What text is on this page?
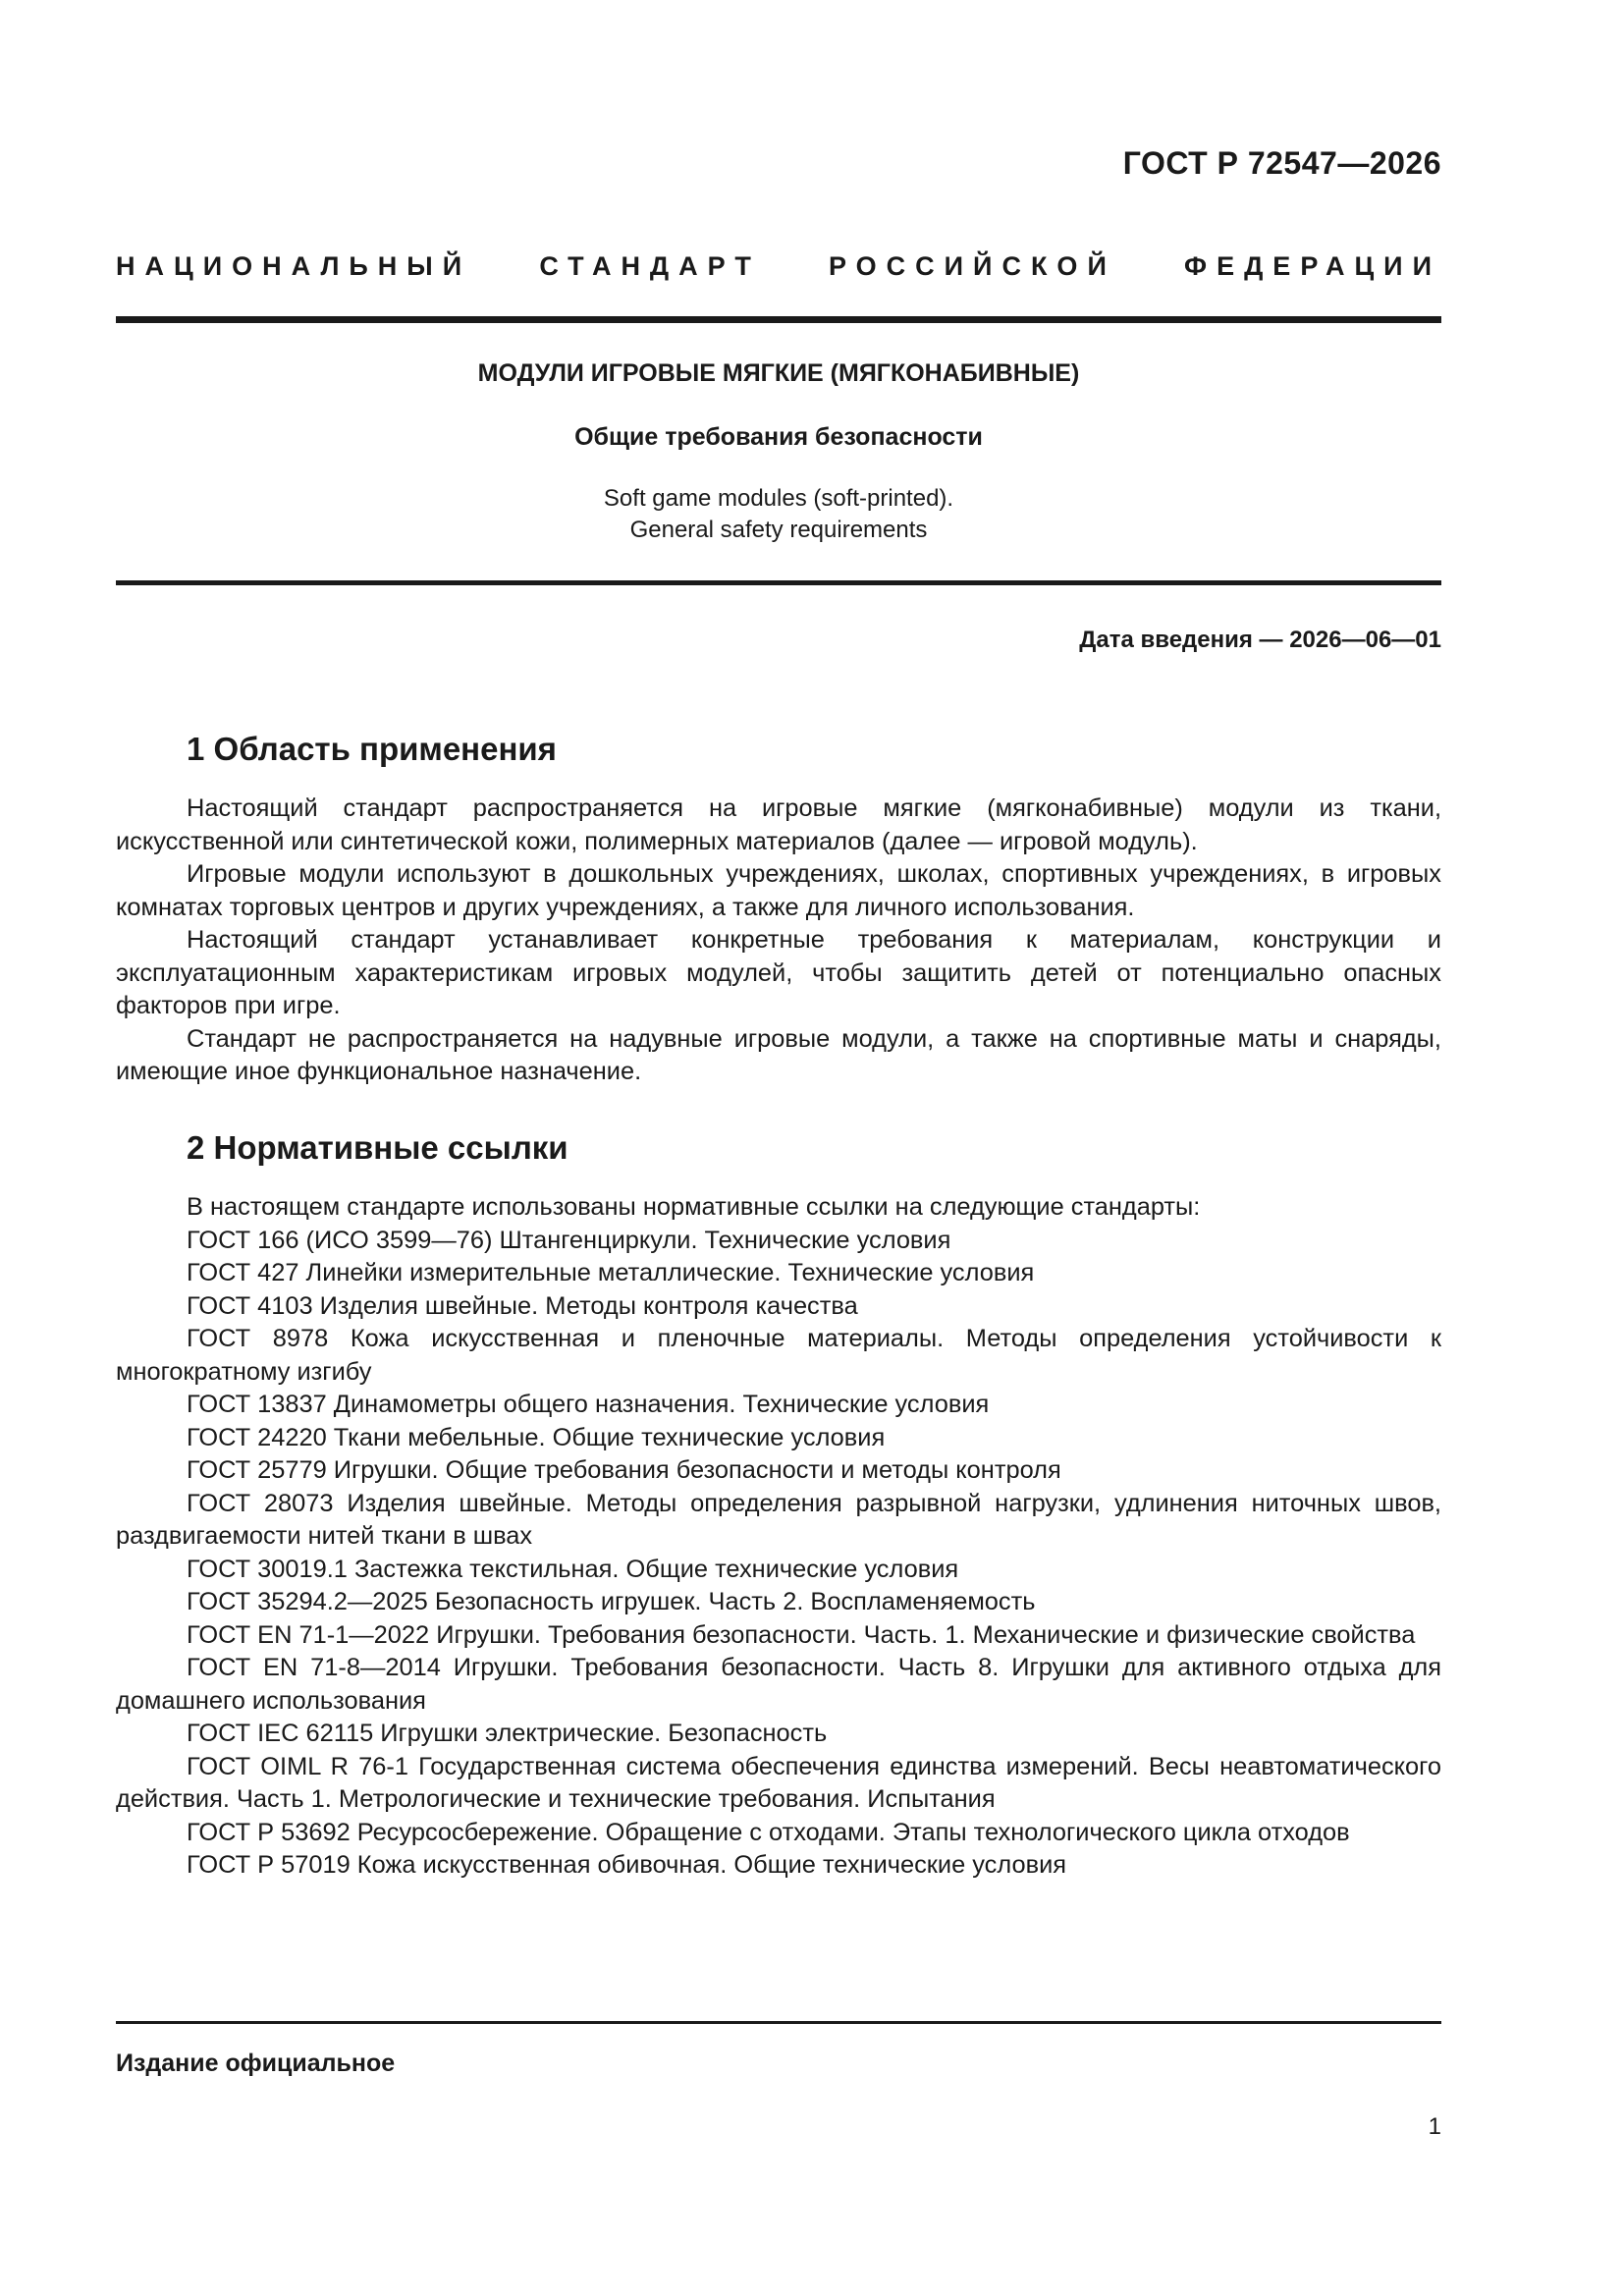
ГОСТ Р 72547—2026
НАЦИОНАЛЬНЫЙ СТАНДАРТ РОССИЙСКОЙ ФЕДЕРАЦИИ
МОДУЛИ ИГРОВЫЕ МЯГКИЕ (МЯГКОНАБИВНЫЕ)
Общие требования безопасности
Soft game modules (soft-printed).
General safety requirements
Дата введения — 2026—06—01
1 Область применения

Настоящий стандарт распространяется на игровые мягкие (мягконабивные) модули из ткани, искусственной или синтетической кожи, полимерных материалов (далее — игровой модуль).

Игровые модули используют в дошкольных учреждениях, школах, спортивных учреждениях, в игровых комнатах торговых центров и других учреждениях, а также для личного использования.

Настоящий стандарт устанавливает конкретные требования к материалам, конструкции и эксплуатационным характеристикам игровых модулей, чтобы защитить детей от потенциально опасных факторов при игре.

Стандарт не распространяется на надувные игровые модули, а также на спортивные маты и снаряды, имеющие иное функциональное назначение.

2 Нормативные ссылки

В настоящем стандарте использованы нормативные ссылки на следующие стандарты:

ГОСТ 166 (ИСО 3599—76) Штангенциркули. Технические условия

ГОСТ 427 Линейки измерительные металлические. Технические условия

ГОСТ 4103 Изделия швейные. Методы контроля качества

ГОСТ 8978 Кожа искусственная и пленочные материалы. Методы определения устойчивости к многократному изгибу

ГОСТ 13837 Динамометры общего назначения. Технические условия

ГОСТ 24220 Ткани мебельные. Общие технические условия

ГОСТ 25779 Игрушки. Общие требования безопасности и методы контроля

ГОСТ 28073 Изделия швейные. Методы определения разрывной нагрузки, удлинения ниточных швов, раздвигаемости нитей ткани в швах

ГОСТ 30019.1 Застежка текстильная. Общие технические условия

ГОСТ 35294.2—2025 Безопасность игрушек. Часть 2. Воспламеняемость

ГОСТ EN 71-1—2022 Игрушки. Требования безопасности. Часть. 1. Механические и физические свойства

ГОСТ EN 71-8—2014 Игрушки. Требования безопасности. Часть 8. Игрушки для активного отдыха для домашнего использования

ГОСТ IEC 62115 Игрушки электрические. Безопасность

ГОСТ OIML R 76-1 Государственная система обеспечения единства измерений. Весы неавтоматического действия. Часть 1. Метрологические и технические требования. Испытания

ГОСТ Р 53692 Ресурсосбережение. Обращение с отходами. Этапы технологического цикла отходов

ГОСТ Р 57019 Кожа искусственная обивочная. Общие технические условия

Издание официальное
1
